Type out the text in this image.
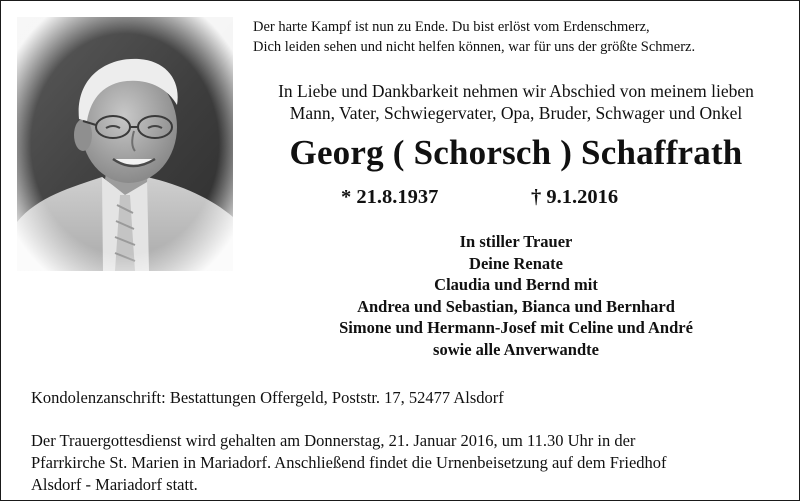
Der harte Kampf ist nun zu Ende. Du bist erlöst vom Erdenschmerz,
Dich leiden sehen und nicht helfen können, war für uns der größte Schmerz.
In Liebe und Dankbarkeit nehmen wir Abschied von meinem lieben
Mann, Vater, Schwiegervater, Opa, Bruder, Schwager und Onkel
Georg ( Schorsch ) Schaffrath
* 21.8.1937	† 9.1.2016
In stiller Trauer
Deine Renate
Claudia und Bernd mit
Andrea und Sebastian, Bianca und Bernhard
Simone und Hermann-Josef mit Celine und André
sowie alle Anverwandte
Kondolenzanschrift: Bestattungen Offergeld, Poststr. 17, 52477 Alsdorf
Der Trauergottesdienst wird gehalten am Donnerstag, 21. Januar 2016, um 11.30 Uhr in der
Pfarrkirche St. Marien in Mariadorf. Anschließend findet die Urnenbeisetzung auf dem Friedhof
Alsdorf - Mariadorf statt.
